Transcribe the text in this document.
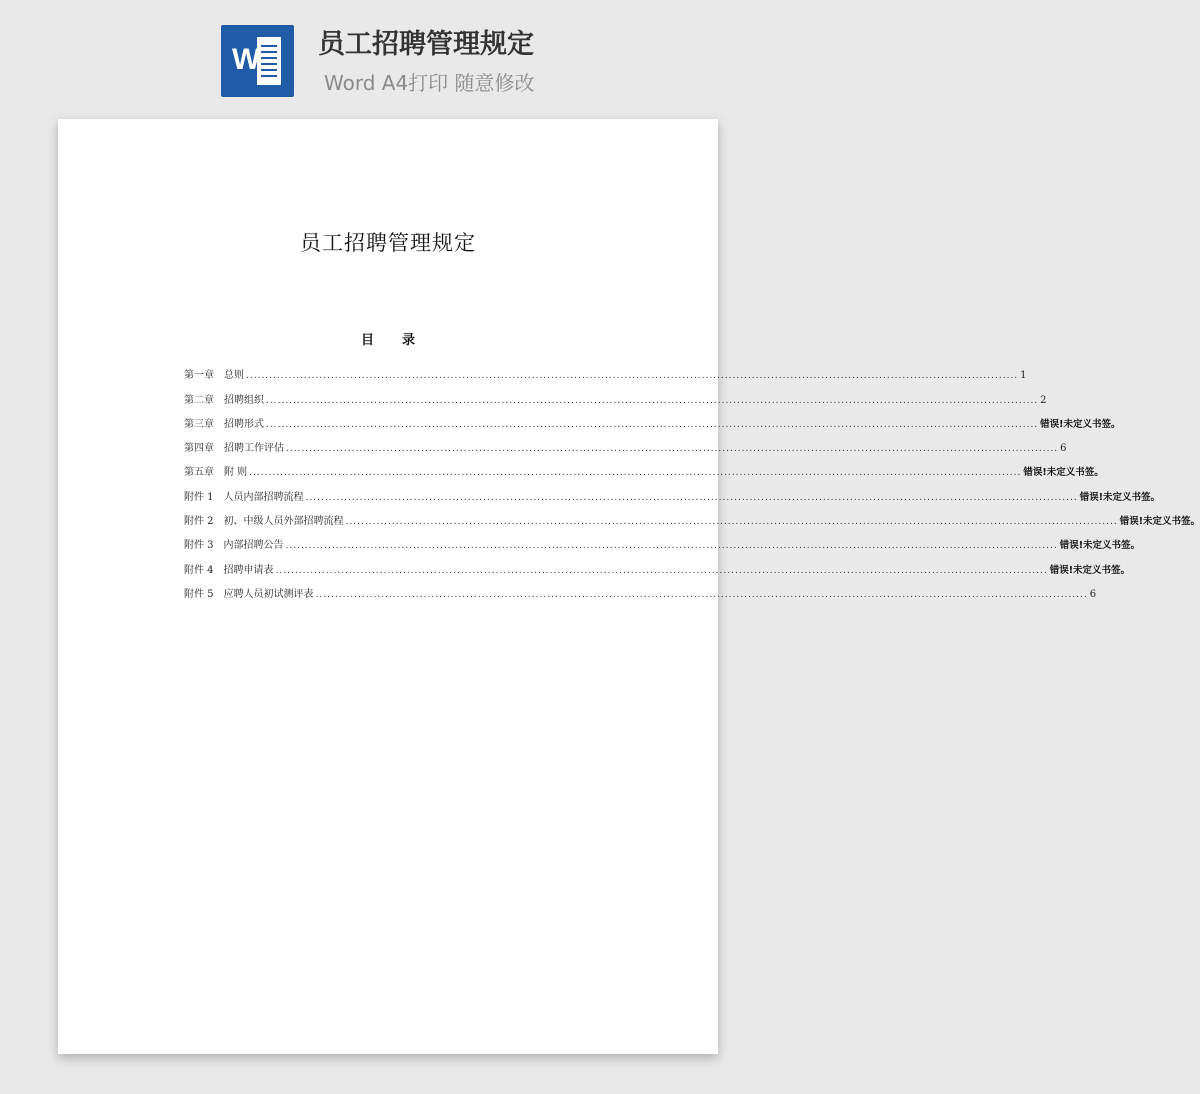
W 员工招聘管理规定
Word A4打印 随意修改
员工招聘管理规定
目 录
第一章　总则 ........................................................................................................................................................................................................ 1
第二章　招聘组织 ........................................................................................................................................................................................................ 2
第三章　招聘形式 ........................................................................................................................................................................................................ 错误!未定义书签。
第四章　招聘工作评估 ........................................................................................................................................................................................................ 6
第五章　附 则 ........................................................................................................................................................................................................ 错误!未定义书签。
附件 1　人员内部招聘流程 ........................................................................................................................................................................................................ 错误!未定义书签。
附件 2　初、中级人员外部招聘流程 ........................................................................................................................................................................................................ 错误!未定义书签。
附件 3　内部招聘公告 ........................................................................................................................................................................................................ 错误!未定义书签。
附件 4　招聘申请表 ........................................................................................................................................................................................................ 错误!未定义书签。
附件 5　应聘人员初试测评表 ........................................................................................................................................................................................................ 6
